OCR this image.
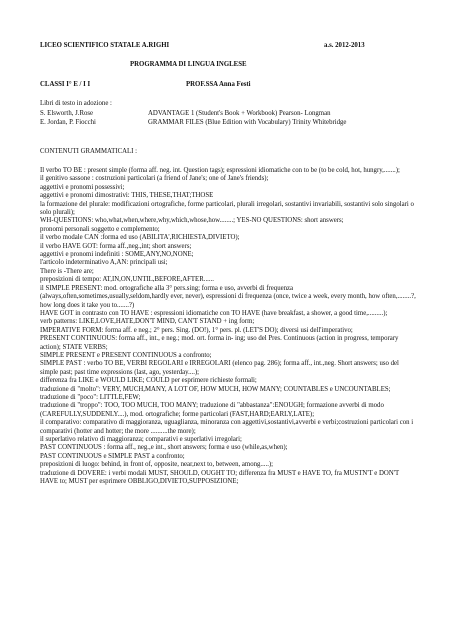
LICEO SCIENTIFICO STATALE A.RIGHI	a.s. 2012-2013
PROGRAMMA DI LINGUA INGLESE
CLASSI I° E / I I	PROF.SSA Anna Festi
Libri di testo in adozione :
S. Elsworth, J.Rose	ADVANTAGE 1 (Student's Book + Workbook) Pearson- Longman
E. Jordan, P. Fiocchi	GRAMMAR FILES (Blue Edition with Vocabulary) Trinity Whitebridge
CONTENUTI GRAMMATICALI :

Il verbo TO BE : present simple (forma aff. neg. int. Question tags); espressioni idiomatiche con to be (to be cold, hot, hungry,.......);

il genitivo sassone : costruzioni particolari (a friend of Jane's; one of Jane's friends);

aggettivi e pronomi possessivi;

aggettivi e pronomi dimostrativi: THIS, THESE,THAT;THOSE

la formazione del plurale: modificazioni ortografiche, forme particolari, plurali irregolari, sostantivi invariabili, sostantivi solo singolari o solo plurali);

WH-QUESTIONS: who,what,when,where,why,which,whose,how........; YES-NO QUESTIONS: short answers;

pronomi personali soggetto e complemento;

il verbo modale CAN :forma ed uso (ABILITA',RICHIESTA,DIVIETO);

il verbo HAVE GOT: forma aff.,neg.,int; short answers;

aggettivi e pronomi indefiniti : SOME,ANY,NO,NONE;

l'articolo indeterminativo A,AN: principali usi;

There is -There are;

preposizioni di tempo: AT,IN,ON,UNTIL,BEFORE,AFTER......

il SIMPLE PRESENT: mod. ortografiche alla 3° pers.sing; forma e uso, avverbi di frequenza (always,often,sometimes,usually,seldom,hardly ever, never), espressioni di frequenza (once, twice a week, every month, how often,........?, how long does it take you to.......?)

HAVE GOT in contrasto con TO HAVE : espressioni idiomatiche con TO HAVE (have breakfast, a shower, a good time,.........);

verb patterns: LIKE,LOVE,HATE,DON'T MIND, CAN'T STAND + ing form;

IMPERATIVE FORM: forma aff. e neg.; 2° pers. Sing. (DO!), 1° pers. pl. (LET'S DO); diversi usi dell'imperativo;

PRESENT CONTINUOUS: forma aff., int., e neg.; mod. ort. forma in- ing; uso del Pres. Continuous (action in progress, temporary action); STATE VERBS;

SIMPLE PRESENT e PRESENT CONTINUOUS a confronto;

SIMPLE PAST : verbo TO BE, VERBI REGOLARI e IRREGOLARI (elenco pag. 286); forma aff., int.,neg. Short answers; uso del simple past; past time expressions (last, ago, yesterday....);

differenza fra LIKE e WOULD LIKE; COULD per esprimere richieste formali;

traduzione di "molto": VERY, MUCH,MANY, A LOT OF, HOW MUCH, HOW MANY; COUNTABLES e UNCOUNTABLES;

traduzione di "poco": LITTLE,FEW;

traduzione di "troppo": TOO, TOO MUCH, TOO MANY; traduzione di "abbastanza":ENOUGH; formazione avverbi di modo (CAREFULLY,SUDDENLY....), mod. ortografiche; forme particolari (FAST,HARD;EARLY,LATE);

il comparativo: comparativo di maggioranza, uguaglianza, minoranza con aggettivi,sostantivi,avverbi e verbi;costruzioni particolari con i comparativi (hotter and hotter; the more ..........the more);

il superlativo relativo di maggioranza; comparativi e superlativi irregolari;

PAST CONTINUOUS : forma aff., neg.,e int., short answers; forma e uso (while,as,when);

PAST CONTINUOUS e SIMPLE PAST a confronto;

preposizioni di luogo: behind, in front of, opposite, near,next to, between, among.....);

traduzione di DOVERE: i verbi modali MUST, SHOULD, OUGHT TO; differenza fra MUST e HAVE TO, fra MUSTN'T e DON'T HAVE to; MUST per esprimere OBBLIGO,DIVIETO,SUPPOSIZIONE;
